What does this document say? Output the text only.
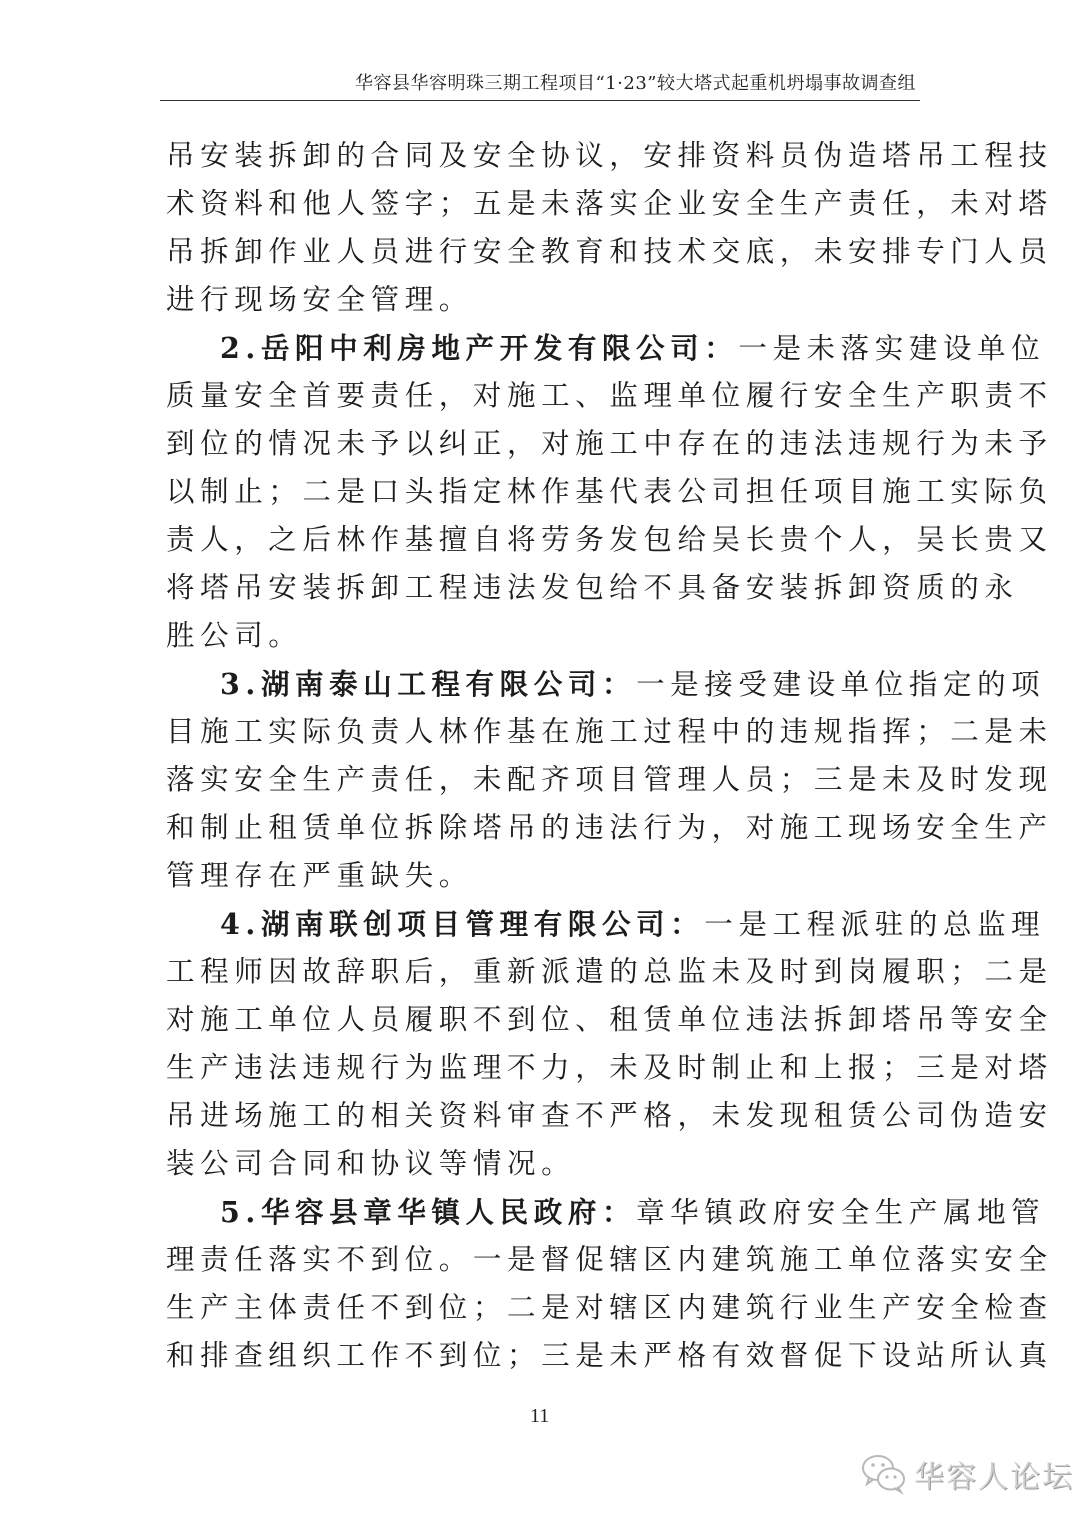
华容县华容明珠三期工程项目“1·23”较大塔式起重机坍塌事故调查组
吊安装拆卸的合同及安全协议，安排资料员伪造塔吊工程技
术资料和他人签字；五是未落实企业安全生产责任，未对塔
吊拆卸作业人员进行安全教育和技术交底，未安排专门人员
进行现场安全管理。
2.岳阳中利房地产开发有限公司：一是未落实建设单位
质量安全首要责任，对施工、监理单位履行安全生产职责不
到位的情况未予以纠正，对施工中存在的违法违规行为未予
以制止；二是口头指定林作基代表公司担任项目施工实际负
责人，之后林作基擅自将劳务发包给吴长贵个人，吴长贵又
将塔吊安装拆卸工程违法发包给不具备安装拆卸资质的永
胜公司。
3.湖南泰山工程有限公司：一是接受建设单位指定的项
目施工实际负责人林作基在施工过程中的违规指挥；二是未
落实安全生产责任，未配齐项目管理人员；三是未及时发现
和制止租赁单位拆除塔吊的违法行为，对施工现场安全生产
管理存在严重缺失。
4.湖南联创项目管理有限公司：一是工程派驻的总监理
工程师因故辞职后，重新派遣的总监未及时到岗履职；二是
对施工单位人员履职不到位、租赁单位违法拆卸塔吊等安全
生产违法违规行为监理不力，未及时制止和上报；三是对塔
吊进场施工的相关资料审查不严格，未发现租赁公司伪造安
装公司合同和协议等情况。
5.华容县章华镇人民政府：章华镇政府安全生产属地管
理责任落实不到位。一是督促辖区内建筑施工单位落实安全
生产主体责任不到位；二是对辖区内建筑行业生产安全检查
和排查组织工作不到位；三是未严格有效督促下设站所认真
11
华容人论坛
